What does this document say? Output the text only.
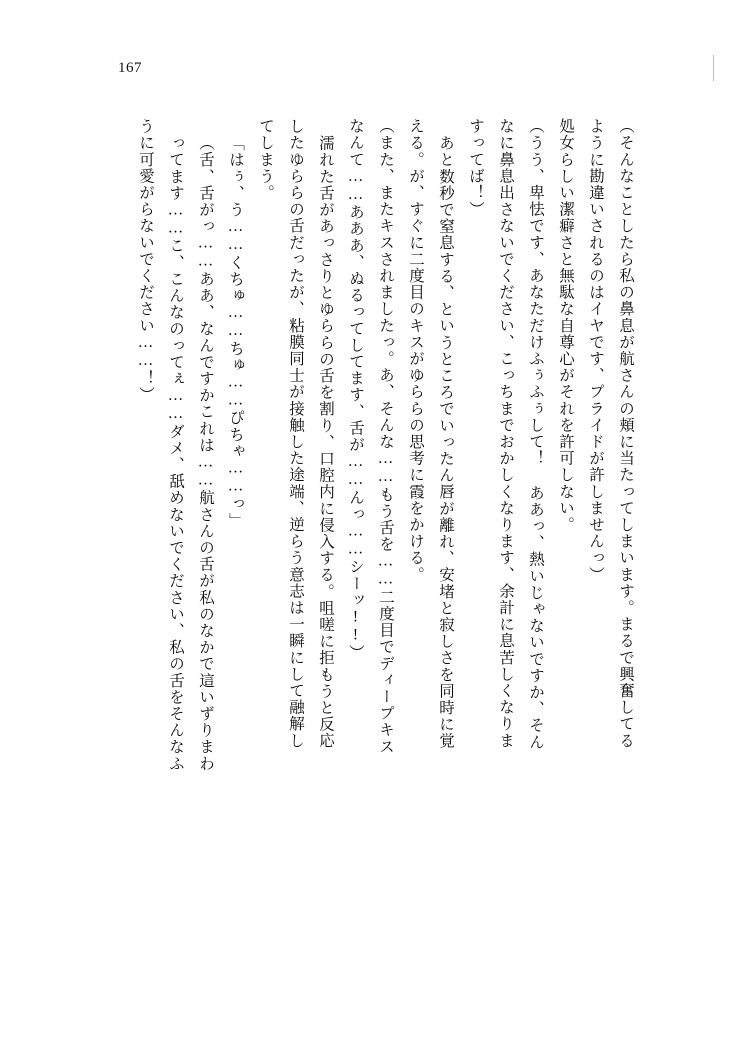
167
うに可愛がらないでください……！） ってます……こ、こんなのってぇ……ダメ、舐めないでください、私の舌をそんなふ （舌、舌がっ……ああ、なんですかこれは……航さんの舌が私のなかで這いずりまわ 「はぅ、う……くちゅ……ちゅ……ぴちゃ……っ」 てしまう。 したゆららの舌だったが、粘膜同士が接触した途端、逆らう意志は一瞬にして融解し 濡れた舌があっさりとゆららの舌を割り、口腔内に侵入する。咀嗟に拒もうと反応 なんて……あああ、ぬるってしてます、舌が……んっ……シーッ!!） （また、またキスされましたっ。あ、そんな……もう舌を……二度目でディープキス える。が、すぐに二度目のキスがゆららの思考に霞をかける。 あと数秒で窒息する、というところでいったん唇が離れ、安堵と寂しさを同時に覚 すってば！） なに鼻息出さないでください、こっちまでおかしくなります、余計に息苦しくなりま （うう、卑怯です、あなただけふぅふぅして！ ああっ、熱いじゃないですか、そん 処女らしい潔癖さと無駄な自尊心がそれを許可しない。 ように勘違いされるのはイヤです、プライドが許しませんっ） （そんなことしたら私の鼻息が航さんの頬に当たってしまいます。まるで興奮してる
